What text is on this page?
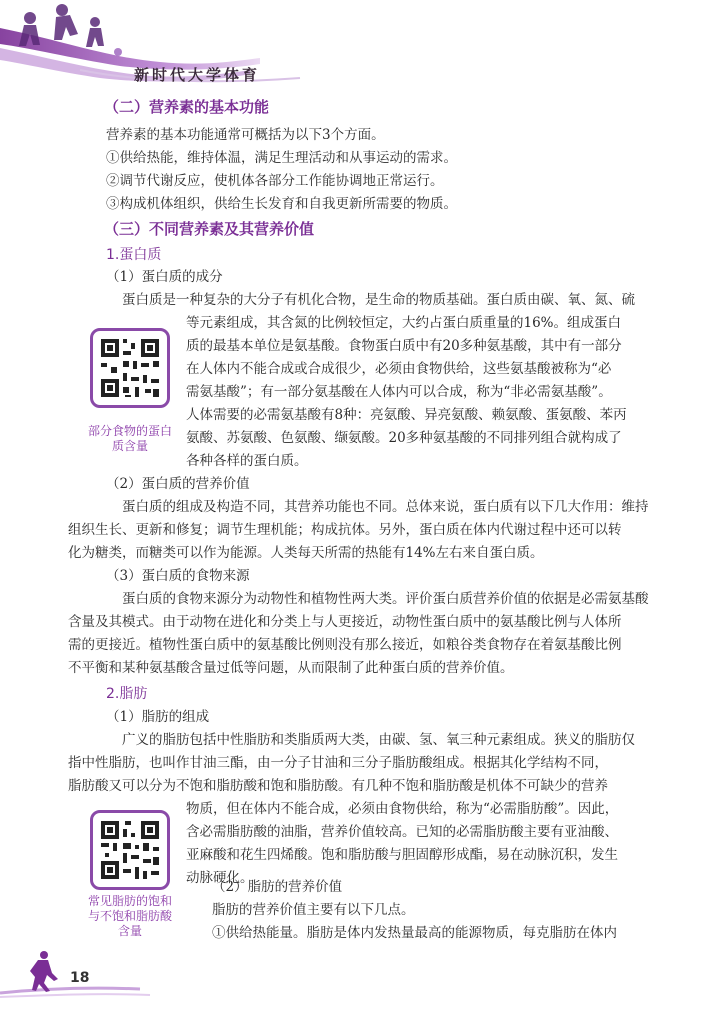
新时代大学体育
（二）营养素的基本功能
营养素的基本功能通常可概括为以下3个方面。
①供给热能，维持体温，满足生理活动和从事运动的需求。
②调节代谢反应，使机体各部分工作能协调地正常运行。
③构成机体组织，供给生长发育和自我更新所需要的物质。
（三）不同营养素及其营养价值
1.蛋白质
（1）蛋白质的成分
蛋白质是一种复杂的大分子有机化合物，是生命的物质基础。蛋白质由碳、氧、氮、硫
等元素组成，其含氮的比例较恒定，大约占蛋白质重量的16%。组成蛋白
质的最基本单位是氨基酸。食物蛋白质中有20多种氨基酸，其中有一部分
在人体内不能合成或合成很少，必须由食物供给，这些氨基酸被称为“必
需氨基酸”；有一部分氨基酸在人体内可以合成，称为“非必需氨基酸”。
人体需要的必需氨基酸有8种：亮氨酸、异亮氨酸、赖氨酸、蛋氨酸、苯丙
氨酸、苏氨酸、色氨酸、缬氨酸。20多种氨基酸的不同排列组合就构成了
各种各样的蛋白质。
部分食物的蛋白
质含量
（2）蛋白质的营养价值
蛋白质的组成及构造不同，其营养功能也不同。总体来说，蛋白质有以下几大作用：维持
组织生长、更新和修复；调节生理机能；构成抗体。另外，蛋白质在体内代谢过程中还可以转
化为糖类，而糖类可以作为能源。人类每天所需的热能有14%左右来自蛋白质。
（3）蛋白质的食物来源
蛋白质的食物来源分为动物性和植物性两大类。评价蛋白质营养价值的依据是必需氨基酸
含量及其模式。由于动物在进化和分类上与人更接近，动物性蛋白质中的氨基酸比例与人体所
需的更接近。植物性蛋白质中的氨基酸比例则没有那么接近，如粮谷类食物存在着氨基酸比例
不平衡和某种氨基酸含量过低等问题，从而限制了此种蛋白质的营养价值。
2.脂肪
（1）脂肪的组成
广义的脂肪包括中性脂肪和类脂质两大类，由碳、氢、氧三种元素组成。狭义的脂肪仅
指中性脂肪，也叫作甘油三酯，由一分子甘油和三分子脂肪酸组成。根据其化学结构不同，
脂肪酸又可以分为不饱和脂肪酸和饱和脂肪酸。有几种不饱和脂肪酸是机体不可缺少的营养
物质，但在体内不能合成，必须由食物供给，称为“必需脂肪酸”。因此，
含必需脂肪酸的油脂，营养价值较高。已知的必需脂肪酸主要有亚油酸、
亚麻酸和花生四烯酸。饱和脂肪酸与胆固醇形成酯，易在动脉沉积，发生
动脉硬化。
常见脂肪的饱和
与不饱和脂肪酸
含量
（2）脂肪的营养价值
脂肪的营养价值主要有以下几点。
①供给热能量。脂肪是体内发热量最高的能源物质，每克脂肪在体内
18
